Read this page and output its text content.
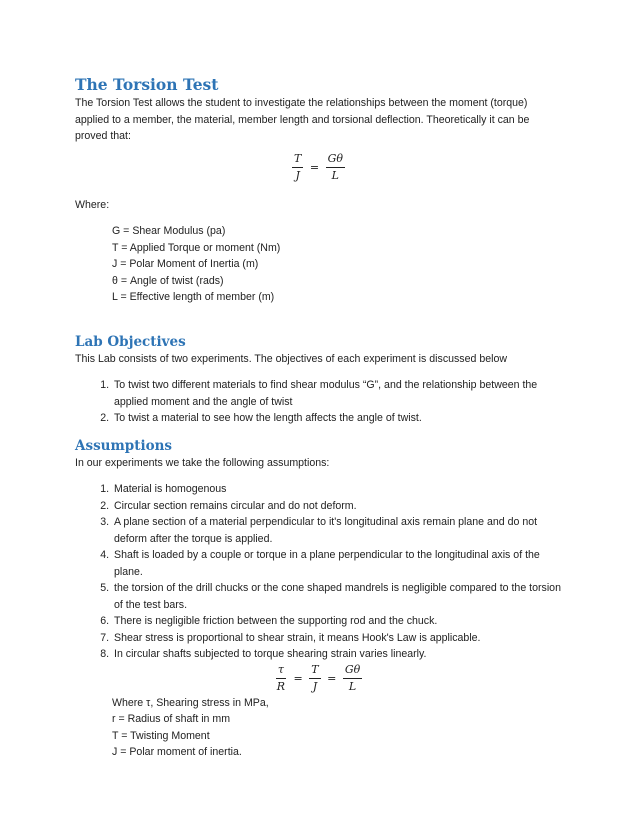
The Torsion Test

The Torsion Test allows the student to investigate the relationships between the moment (torque) applied to a member, the material, member length and torsional deflection. Theoretically it can be proved that:

$\frac{T}{J} = \frac{G\theta}{L}$

Where:

G = Shear Modulus (pa)
T = Applied Torque or moment (Nm)
J = Polar Moment of Inertia (m)
θ = Angle of twist (rads)
L = Effective length of member (m)
Lab Objectives

This Lab consists of two experiments. The objectives of each experiment is discussed below

1. To twist two different materials to find shear modulus “G”, and the relationship between the applied moment and the angle of twist
2. To twist a material to see how the length affects the angle of twist.
Assumptions

In our experiments we take the following assumptions:

1. Material is homogenous
2. Circular section remains circular and do not deform.
3. A plane section of a material perpendicular to it's longitudinal axis remain plane and do not deform after the torque is applied.
4. Shaft is loaded by a couple or torque in a plane perpendicular to the longitudinal axis of the plane.
5. the torsion of the drill chucks or the cone shaped mandrels is negligible compared to the torsion of the test bars.
6. There is negligible friction between the supporting rod and the chuck.
7. Shear stress is proportional to shear strain, it means Hook's Law is applicable.
8. In circular shafts subjected to torque shearing strain varies linearly.
$\frac{\tau}{R} = \frac{T}{J} = \frac{G\theta}{L}$
Where τ, Shearing stress in MPa,
r = Radius of shaft in mm
T = Twisting Moment
J = Polar moment of inertia.
